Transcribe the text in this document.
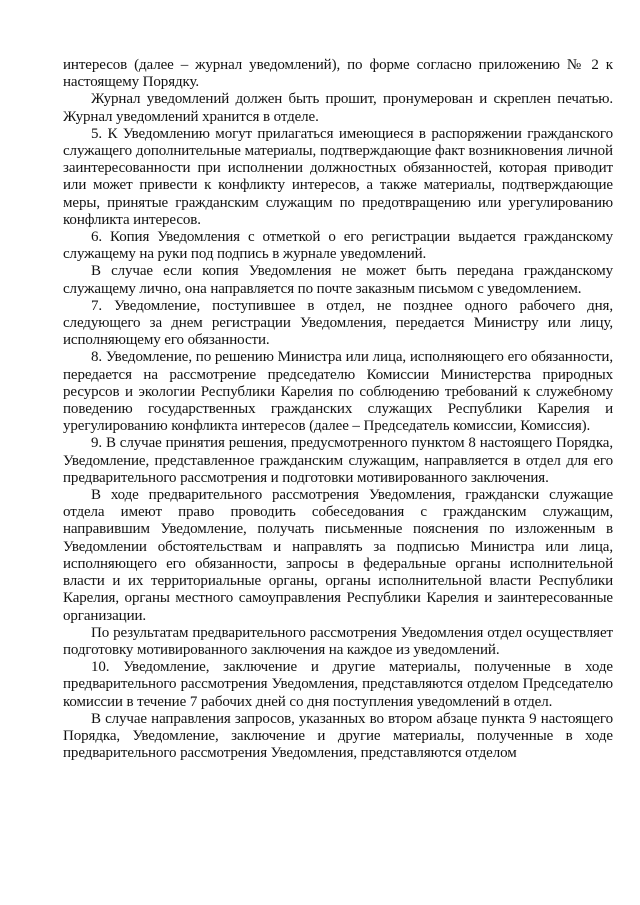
интересов (далее – журнал уведомлений), по форме согласно приложению № 2 к настоящему Порядку.

Журнал уведомлений должен быть прошит, пронумерован и скреплен печатью. Журнал уведомлений хранится в отделе.

5. К Уведомлению могут прилагаться имеющиеся в распоряжении гражданского служащего дополнительные материалы, подтверждающие факт возникновения личной заинтересованности при исполнении должностных обязанностей, которая приводит или может привести к конфликту интересов, а также материалы, подтверждающие меры, принятые гражданским служащим по предотвращению или урегулированию конфликта интересов.

6. Копия Уведомления с отметкой о его регистрации выдается гражданскому служащему на руки под подпись в журнале уведомлений.

В случае если копия Уведомления не может быть передана гражданскому служащему лично, она направляется по почте заказным письмом с уведомлением.

7. Уведомление, поступившее в отдел, не позднее одного рабочего дня, следующего за днем регистрации Уведомления, передается Министру или лицу, исполняющему его обязанности.

8. Уведомление, по решению Министра или лица, исполняющего его обязанности, передается на рассмотрение председателю Комиссии Министерства природных ресурсов и экологии Республики Карелия по соблюдению требований к служебному поведению государственных гражданских служащих Республики Карелия и урегулированию конфликта интересов (далее – Председатель комиссии, Комиссия).

9. В случае принятия решения, предусмотренного пунктом 8 настоящего Порядка, Уведомление, представленное гражданским служащим, направляется в отдел для его предварительного рассмотрения и подготовки мотивированного заключения.

В ходе предварительного рассмотрения Уведомления, граждански служащие отдела имеют право проводить собеседования с гражданским служащим, направившим Уведомление, получать письменные пояснения по изложенным в Уведомлении обстоятельствам и направлять за подписью Министра или лица, исполняющего его обязанности, запросы в федеральные органы исполнительной власти и их территориальные органы, органы исполнительной власти Республики Карелия, органы местного самоуправления Республики Карелия и заинтересованные организации.

По результатам предварительного рассмотрения Уведомления отдел осуществляет подготовку мотивированного заключения на каждое из уведомлений.

10. Уведомление, заключение и другие материалы, полученные в ходе предварительного рассмотрения Уведомления, представляются отделом Председателю комиссии в течение 7 рабочих дней со дня поступления уведомлений в отдел.

В случае направления запросов, указанных во втором абзаце пункта 9 настоящего Порядка, Уведомление, заключение и другие материалы, полученные в ходе предварительного рассмотрения Уведомления, представляются отделом
